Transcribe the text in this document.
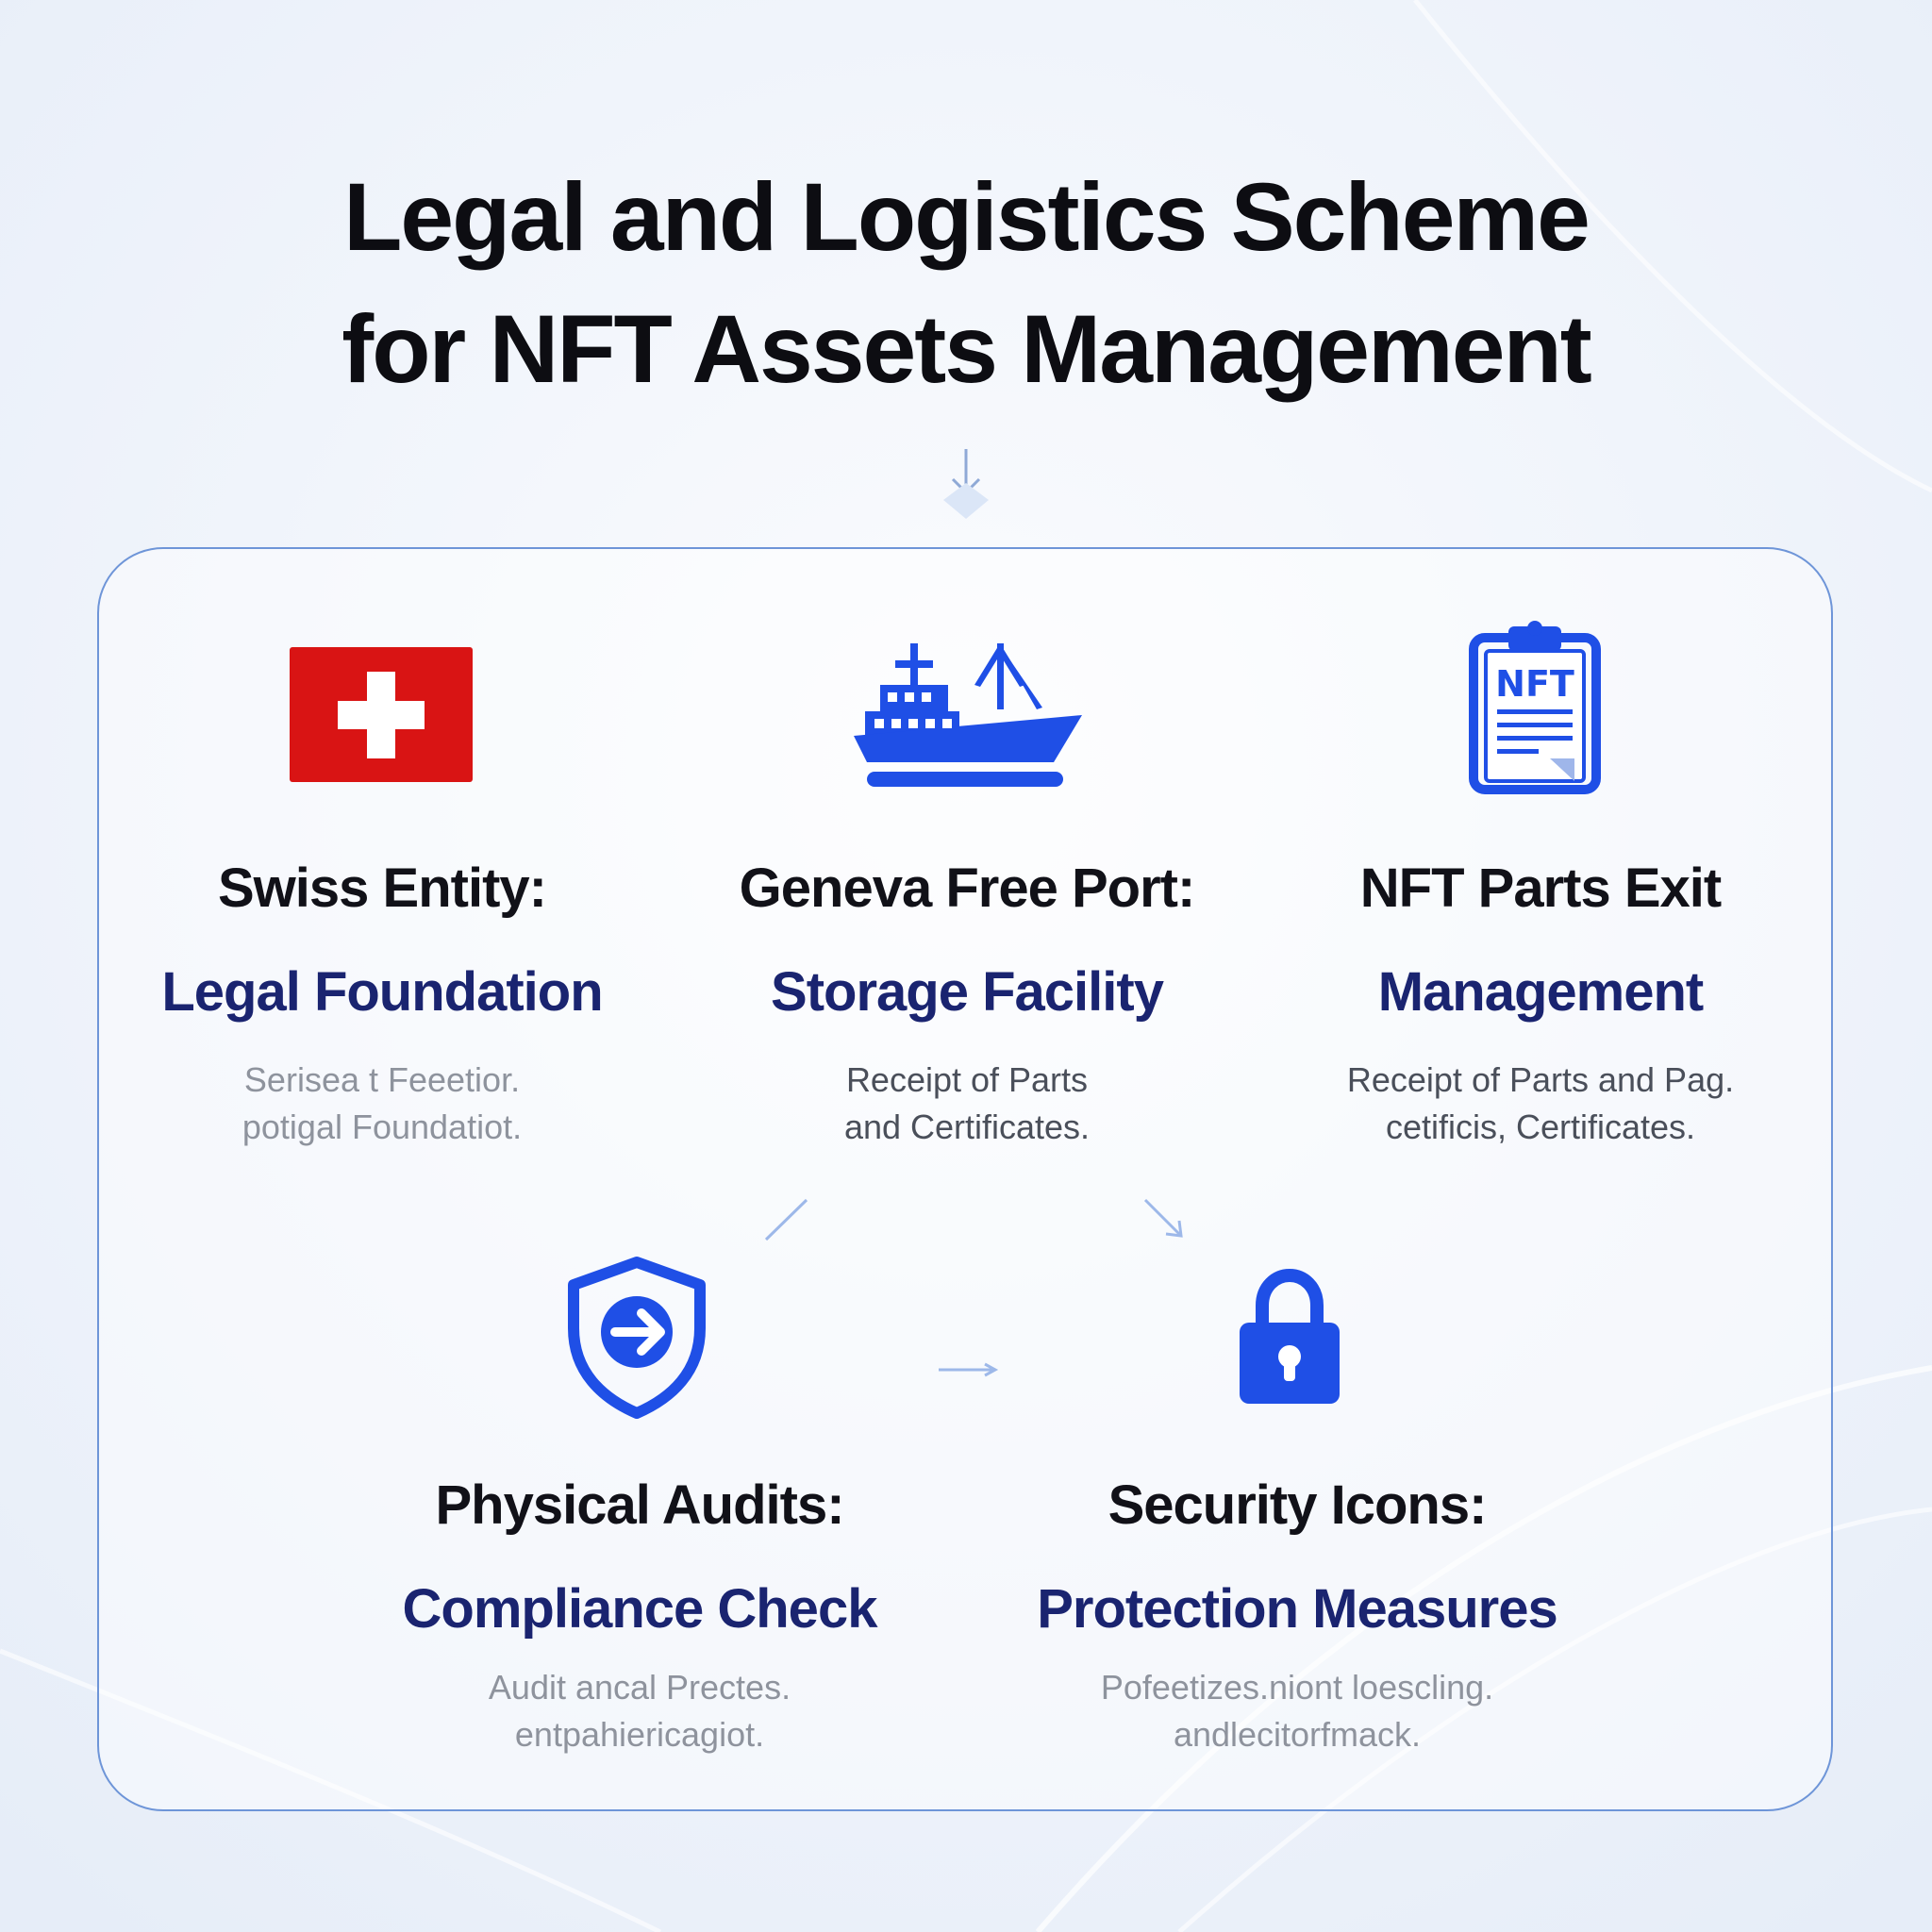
Legal and Logistics Scheme
for NFT Assets Management
Swiss Entity:
Legal Foundation
Serisea t Feeetior.
potigal Foundatiot.
Geneva Free Port:
Storage Facility
Receipt of Parts
and Certificates.
NFT
NFT Parts Exit
Management
Receipt of Parts and Pag.
cetificis, Certificates.
Physical Audits:
Compliance Check
Audit ancal Prectes.
entpahiericagiot.
Security Icons:
Protection Measures
Pofeetizes.niont loescling.
andlecitorfmack.
